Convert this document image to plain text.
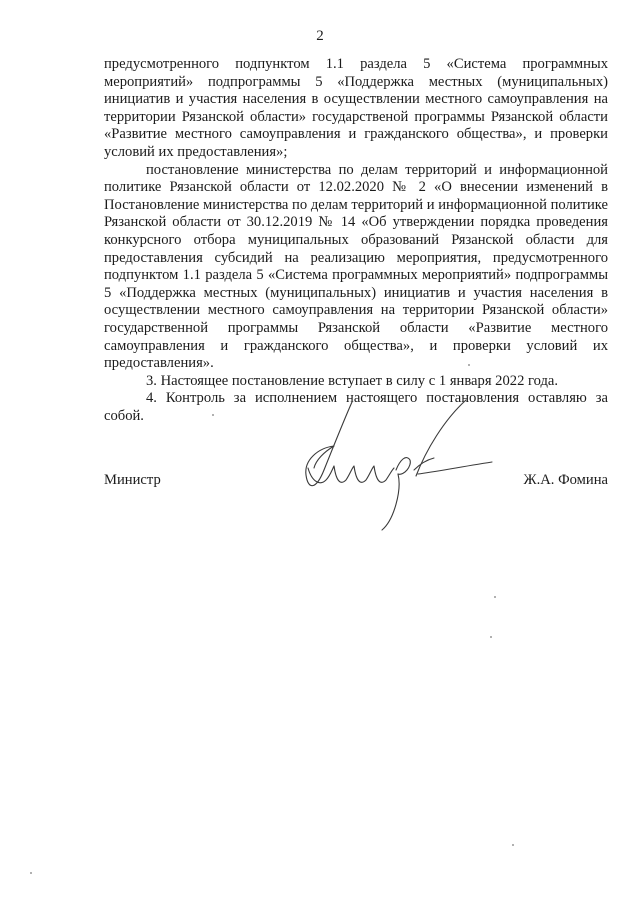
2

предусмотренного подпунктом 1.1 раздела 5 «Система программных мероприятий» подпрограммы 5 «Поддержка местных (муниципальных) инициатив и участия населения в осуществлении местного самоуправления на территории Рязанской области» государственой программы Рязанской области «Развитие местного самоуправления и гражданского общества», и проверки условий их предоставления»;

постановление министерства по делам территорий и информационной политике Рязанской области от 12.02.2020 № 2 «О внесении изменений в Постановление министерства по делам территорий и информационной политике Рязанской области от 30.12.2019 № 14 «Об утверждении порядка проведения конкурсного отбора муниципальных образований Рязанской области для предоставления субсидий на реализацию мероприятия, предусмотренного подпунктом 1.1 раздела 5 «Система программных мероприятий» подпрограммы 5 «Поддержка местных (муниципальных) инициатив и участия населения в осуществлении местного самоуправления на территории Рязанской области» государственной программы Рязанской области «Развитие местного самоуправления и гражданского общества», и проверки условий их предоставления».

3. Настоящее постановление вступает в силу с 1 января 2022 года.

4. Контроль за исполнением настоящего постановления оставляю за собой.

Министр	Ж.А. Фомина
